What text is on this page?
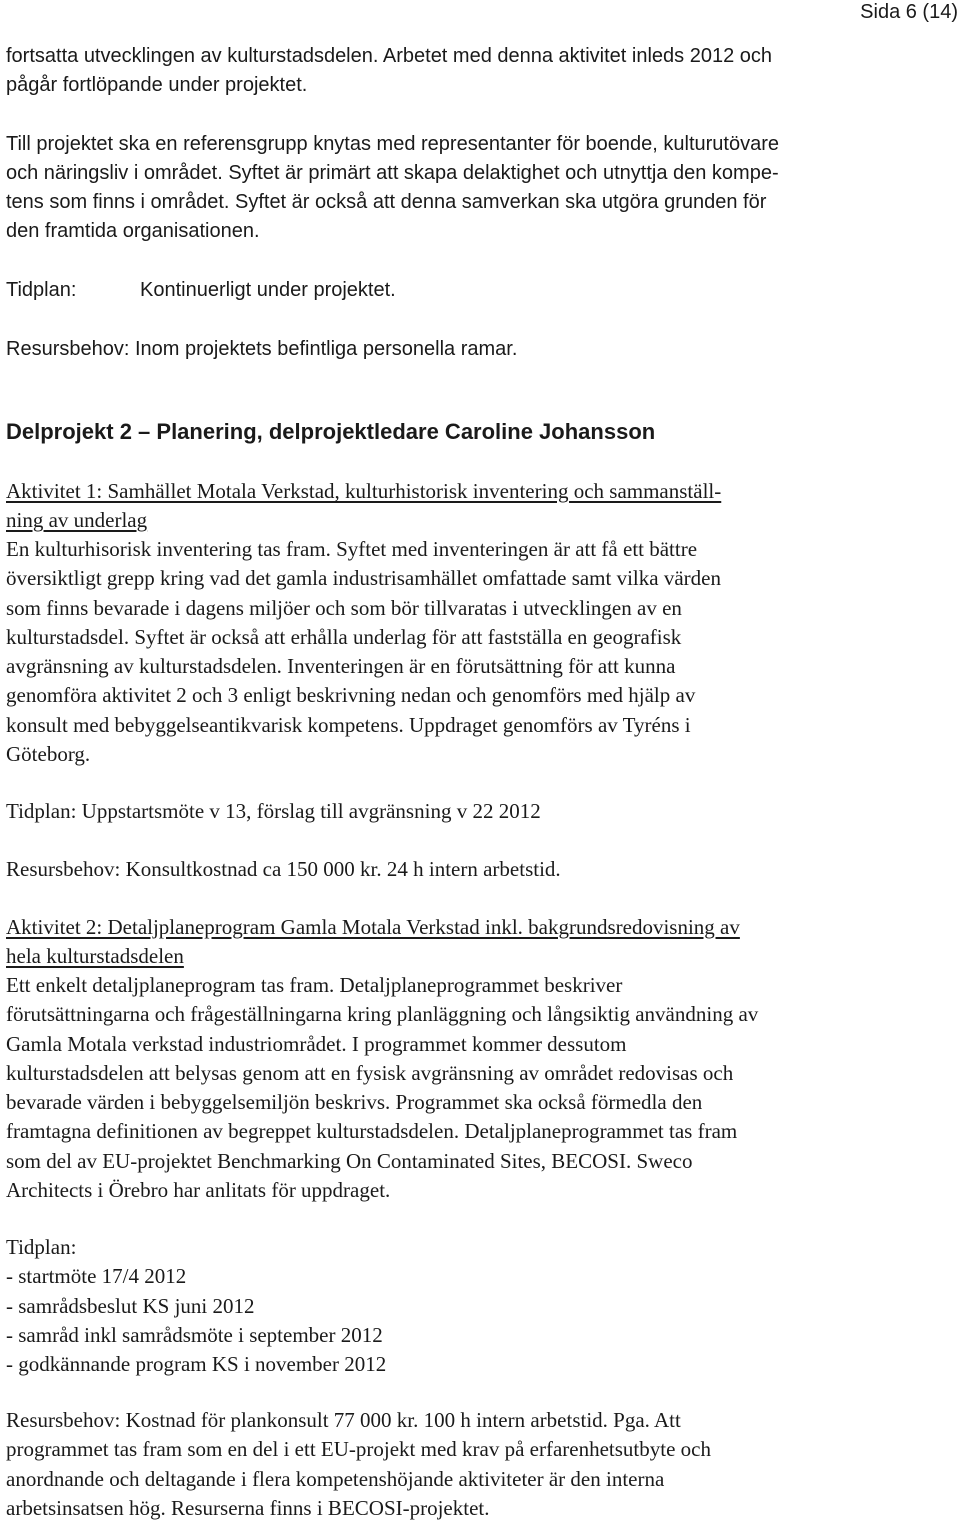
Sida 6 (14)
fortsatta utvecklingen av kulturstadsdelen. Arbetet med denna aktivitet inleds 2012 och
pågår fortlöpande under projektet.
Till projektet ska en referensgrupp knytas med representanter för boende, kulturutövare
och näringsliv i området. Syftet är primärt att skapa delaktighet och utnyttja den kompe-
tens som finns i området. Syftet är också att denna samverkan ska utgöra grunden för
den framtida organisationen.
Tidplan:	Kontinuerligt under projektet.
Resursbehov: Inom projektets befintliga personella ramar.
Delprojekt 2 – Planering, delprojektledare Caroline Johansson
Aktivitet 1: Samhället Motala Verkstad, kulturhistorisk inventering och sammanställ-
ning av underlag
En kulturhisorisk inventering tas fram. Syftet med inventeringen är att få ett bättre
översiktligt grepp kring vad det gamla industrisamhället omfattade samt vilka värden
som finns bevarade i dagens miljöer och som bör tillvaratas i utvecklingen av en
kulturstadsdel. Syftet är också att erhålla underlag för att fastställa en geografisk
avgränsning av kulturstadsdelen. Inventeringen är en förutsättning för att kunna
genomföra aktivitet 2 och 3 enligt beskrivning nedan och genomförs med hjälp av
konsult med bebyggelseantikvarisk kompetens. Uppdraget genomförs av Tyréns i
Göteborg.
Tidplan: Uppstartsmöte v 13, förslag till avgränsning v 22 2012
Resursbehov: Konsultkostnad ca 150 000 kr. 24 h intern arbetstid.
Aktivitet 2: Detaljplaneprogram Gamla Motala Verkstad inkl. bakgrundsredovisning av
hela kulturstadsdelen
Ett enkelt detaljplaneprogram tas fram. Detaljplaneprogrammet beskriver
förutsättningarna och frågeställningarna kring planläggning och långsiktig användning av
Gamla Motala verkstad industriområdet. I programmet kommer dessutom
kulturstadsdelen att belysas genom att en fysisk avgränsning av området redovisas och
bevarade värden i bebyggelsemiljön beskrivs. Programmet ska också förmedla den
framtagna definitionen av begreppet kulturstadsdelen. Detaljplaneprogrammet tas fram
som del av EU-projektet Benchmarking On Contaminated Sites, BECOSI. Sweco
Architects i Örebro har anlitats för uppdraget.
Tidplan:
- startmöte 17/4 2012
- samrådsbeslut KS juni 2012
- samråd inkl samrådsmöte i september 2012
- godkännande program KS i november 2012
Resursbehov: Kostnad för plankonsult 77 000 kr. 100 h intern arbetstid. Pga. Att
programmet tas fram som en del i ett EU-projekt med krav på erfarenhetsutbyte och
anordnande och deltagande i flera kompetenshöjande aktiviteter är den interna
arbetsinsatsen hög. Resurserna finns i BECOSI-projektet.
